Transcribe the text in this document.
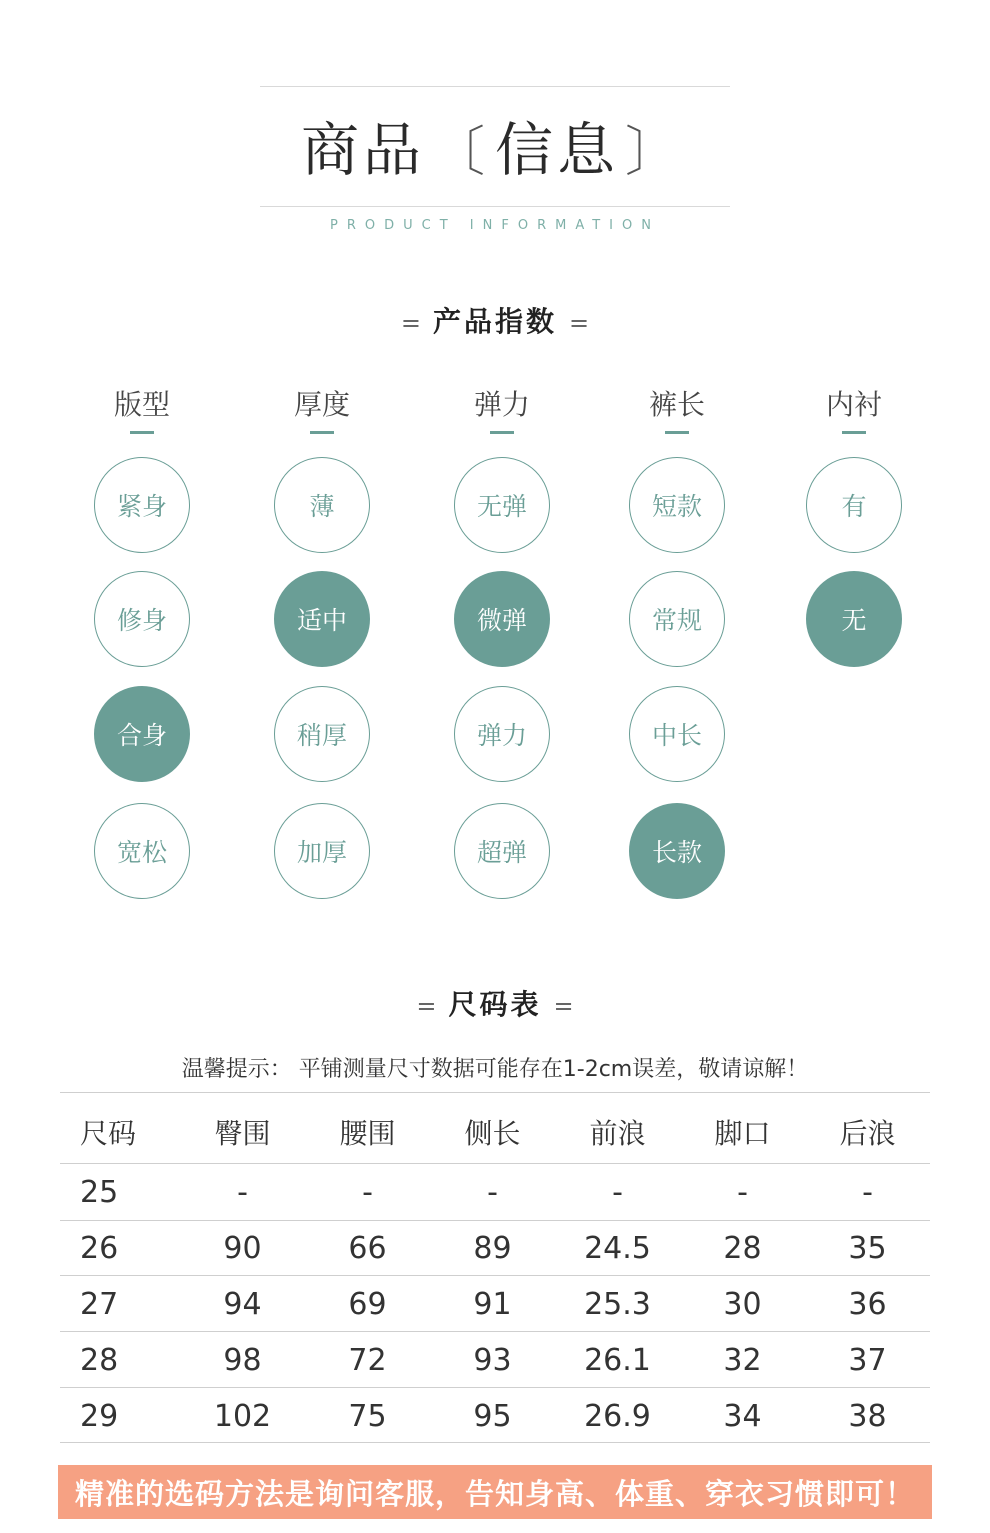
商品 〔 信息 〕
PRODUCT INFORMATION
= 产品指数 =
版型
紧身
修身
合身
宽松
厚度
薄
适中
稍厚
加厚
弹力
无弹
微弹
弹力
超弹
裤长
短款
常规
中长
长款
内衬
有
无
= 尺码表 =
温馨提示： 平铺测量尺寸数据可能存在1-2cm误差，敬请谅解！
尺码	臀围	腰围	侧长	前浪	脚口	后浪
25	-	-	-	-	-	-
26	90	66	89	24.5	28	35
27	94	69	91	25.3	30	36
28	98	72	93	26.1	32	37
29	102	75	95	26.9	34	38
精准的选码方法是询问客服，告知身高、体重、穿衣习惯即可！
